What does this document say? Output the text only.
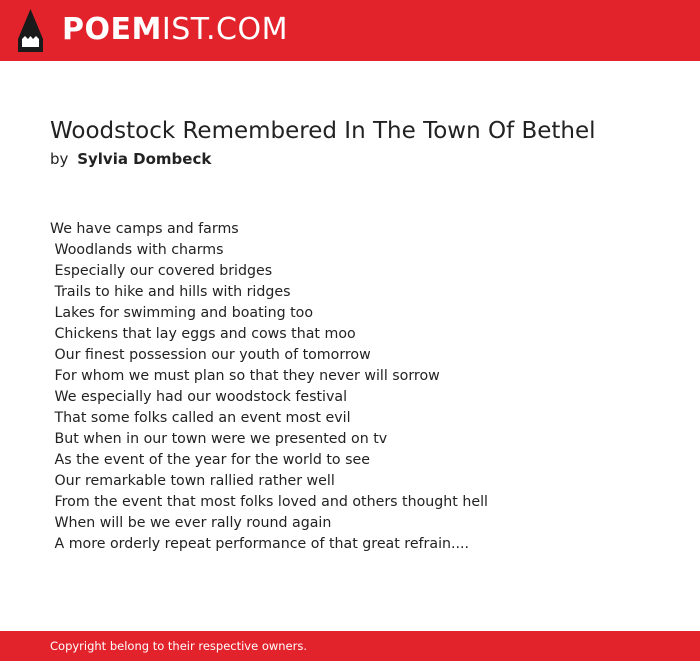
POEMIST.COM
Woodstock Remembered In The Town Of Bethel
by Sylvia Dombeck
We have camps and farms
Woodlands with charms
Especially our covered bridges
Trails to hike and hills with ridges
Lakes for swimming and boating too
Chickens that lay eggs and cows that moo
Our finest possession our youth of tomorrow
For whom we must plan so that they never will sorrow
We especially had our woodstock festival
That some folks called an event most evil
But when in our town were we presented on tv
As the event of the year for the world to see
Our remarkable town rallied rather well
From the event that most folks loved and others thought hell
When will be we ever rally round again
A more orderly repeat performance of that great refrain....
Copyright belong to their respective owners.
